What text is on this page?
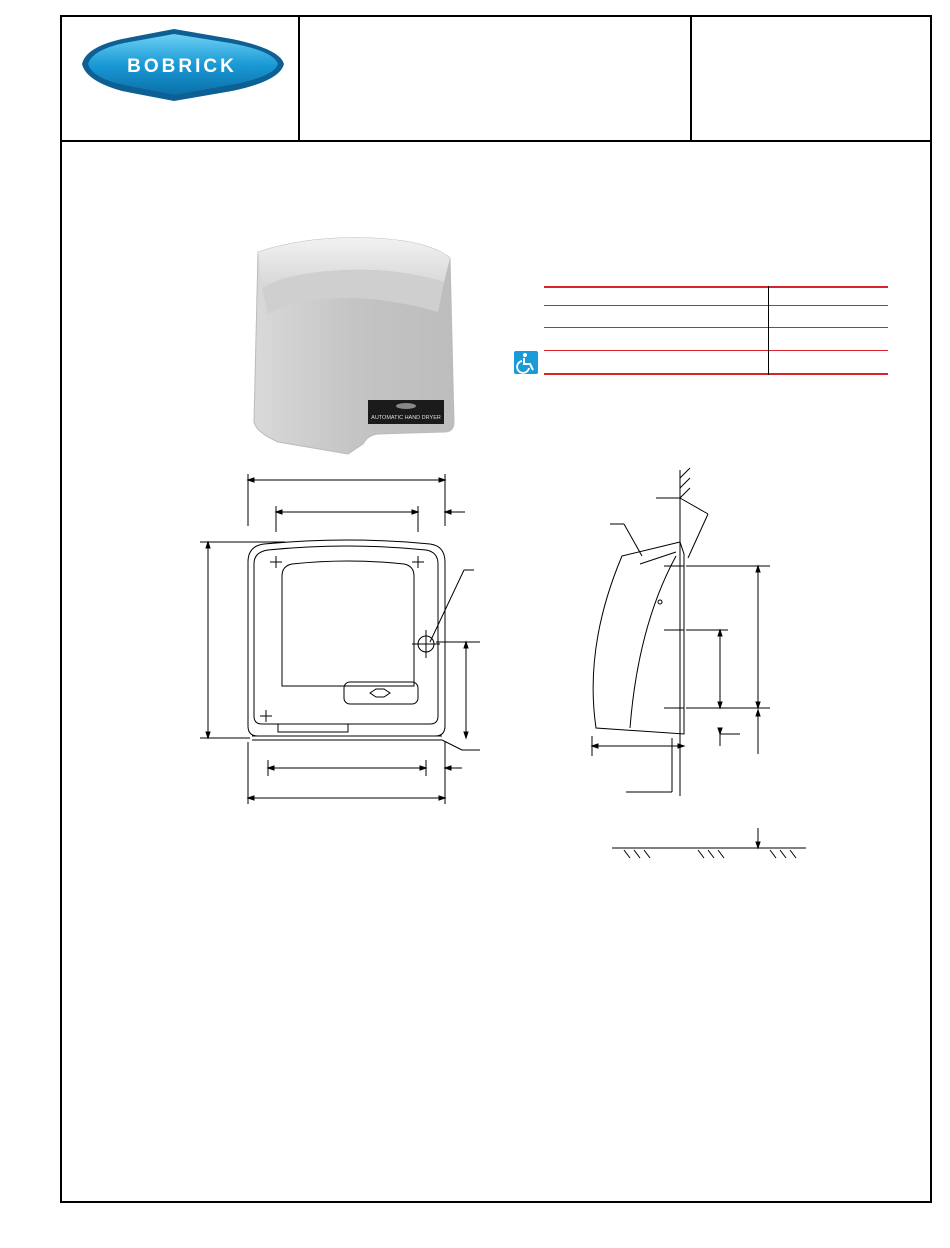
BOBRICK
AUTOMATIC HAND DRYER
